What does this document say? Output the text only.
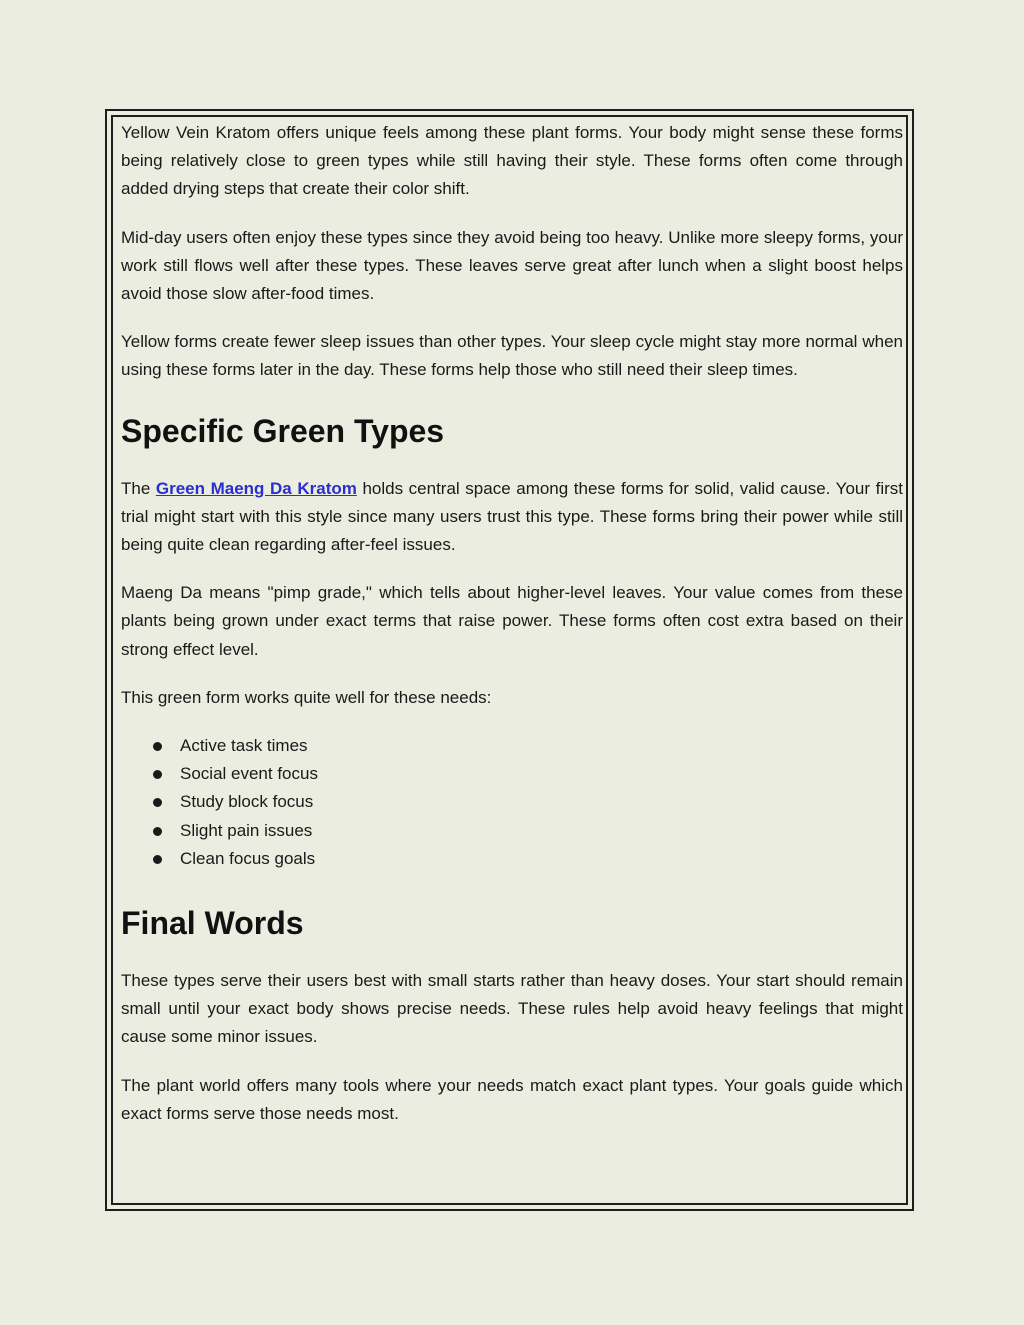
Yellow Vein Kratom offers unique feels among these plant forms. Your body might sense these forms being relatively close to green types while still having their style. These forms often come through added drying steps that create their color shift.

Mid-day users often enjoy these types since they avoid being too heavy. Unlike more sleepy forms, your work still flows well after these types. These leaves serve great after lunch when a slight boost helps avoid those slow after-food times.

Yellow forms create fewer sleep issues than other types. Your sleep cycle might stay more normal when using these forms later in the day. These forms help those who still need their sleep times.

Specific Green Types

The Green Maeng Da Kratom holds central space among these forms for solid, valid cause. Your first trial might start with this style since many users trust this type. These forms bring their power while still being quite clean regarding after-feel issues.

Maeng Da means "pimp grade," which tells about higher-level leaves. Your value comes from these plants being grown under exact terms that raise power. These forms often cost extra based on their strong effect level.

This green form works quite well for these needs:

Active task times
Social event focus
Study block focus
Slight pain issues
Clean focus goals
Final Words

These types serve their users best with small starts rather than heavy doses. Your start should remain small until your exact body shows precise needs. These rules help avoid heavy feelings that might cause some minor issues.

The plant world offers many tools where your needs match exact plant types. Your goals guide which exact forms serve those needs most.
